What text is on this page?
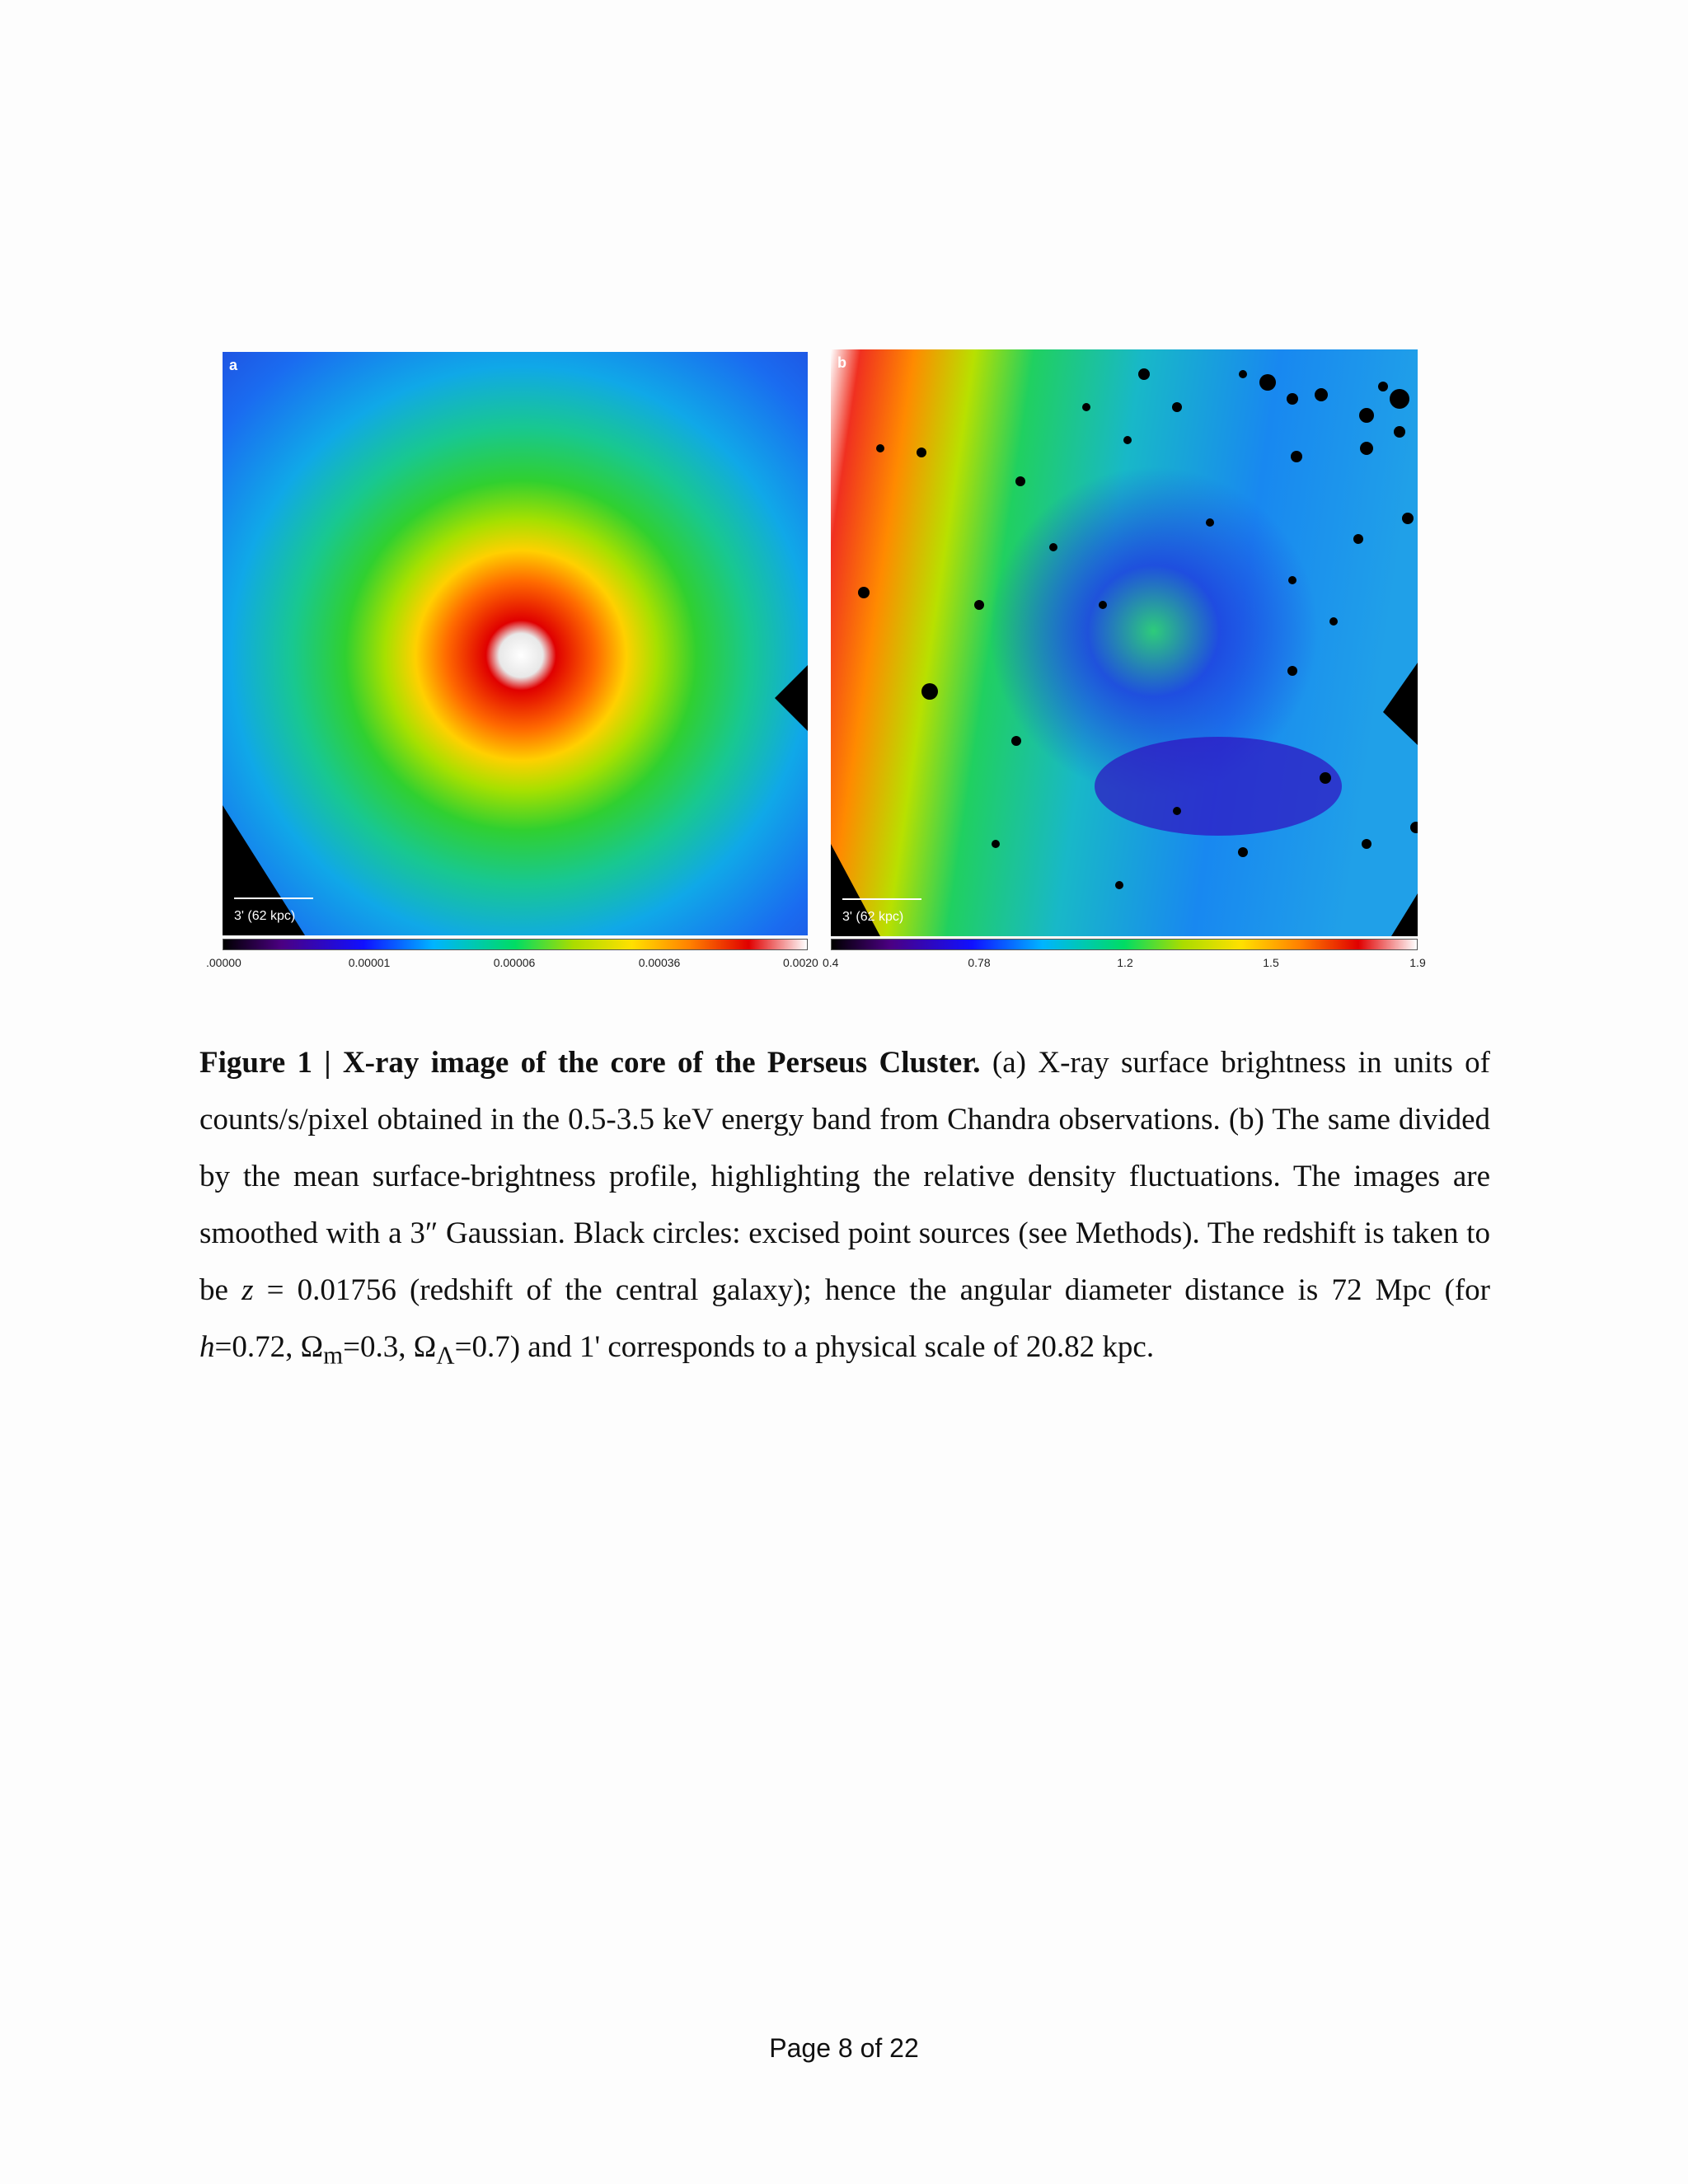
a
3' (62 kpc)
b
3' (62 kpc)
.00000	0.00001	0.00006	0.00036	0.0020 0.4	0.78	1.2	1.5	1.9

Figure 1 | X-ray image of the core of the Perseus Cluster. (a) X-ray surface brightness in units of counts/s/pixel obtained in the 0.5-3.5 keV energy band from Chandra observations. (b) The same divided by the mean surface-brightness profile, highlighting the relative density fluctuations. The images are smoothed with a 3″ Gaussian. Black circles: excised point sources (see Methods). The redshift is taken to be z = 0.01756 (redshift of the central galaxy); hence the angular diameter distance is 72 Mpc (for h=0.72, $\Omega_m=0.3$, $\Omega_\Lambda=0.7$) and 1' corresponds to a physical scale of 20.82 kpc.

Page 8 of 22
